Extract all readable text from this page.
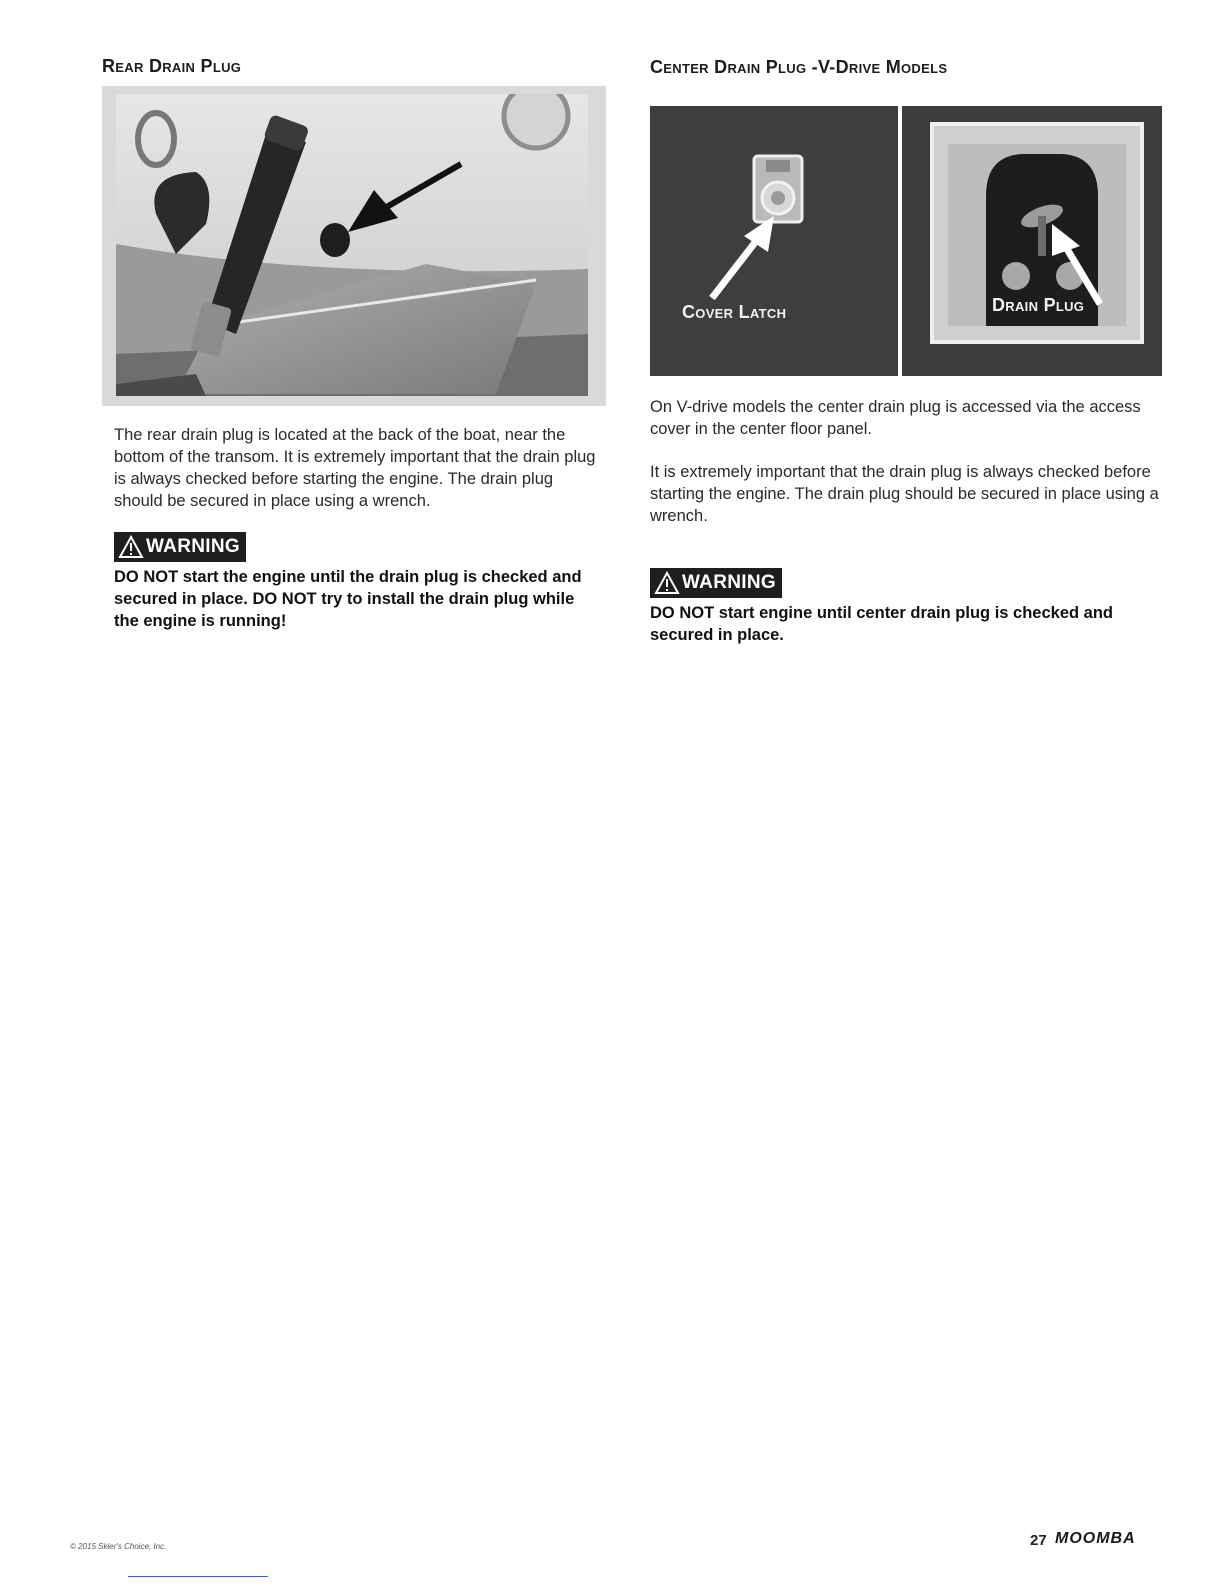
Rear Drain Plug

The rear drain plug is located at the back of the boat, near the bottom of the transom. It is extremely important that the drain plug is always checked before starting the engine. The drain plug should be secured in place using a wrench.

WARNING

DO NOT start the engine until the drain plug is checked and secured in place. DO NOT try to install the drain plug while the engine is running!

Center Drain Plug -V-Drive Models
Cover Latch	Drain Plug

On V-drive models the center drain plug is accessed via the access cover in the center floor panel.

It is extremely important that the drain plug is always checked before starting the engine. The drain plug should be secured in place using a wrench.

WARNING

DO NOT start engine until center drain plug is checked and secured in place.

© 2015 Skier's Choice, Inc.	27 MOOMBA
